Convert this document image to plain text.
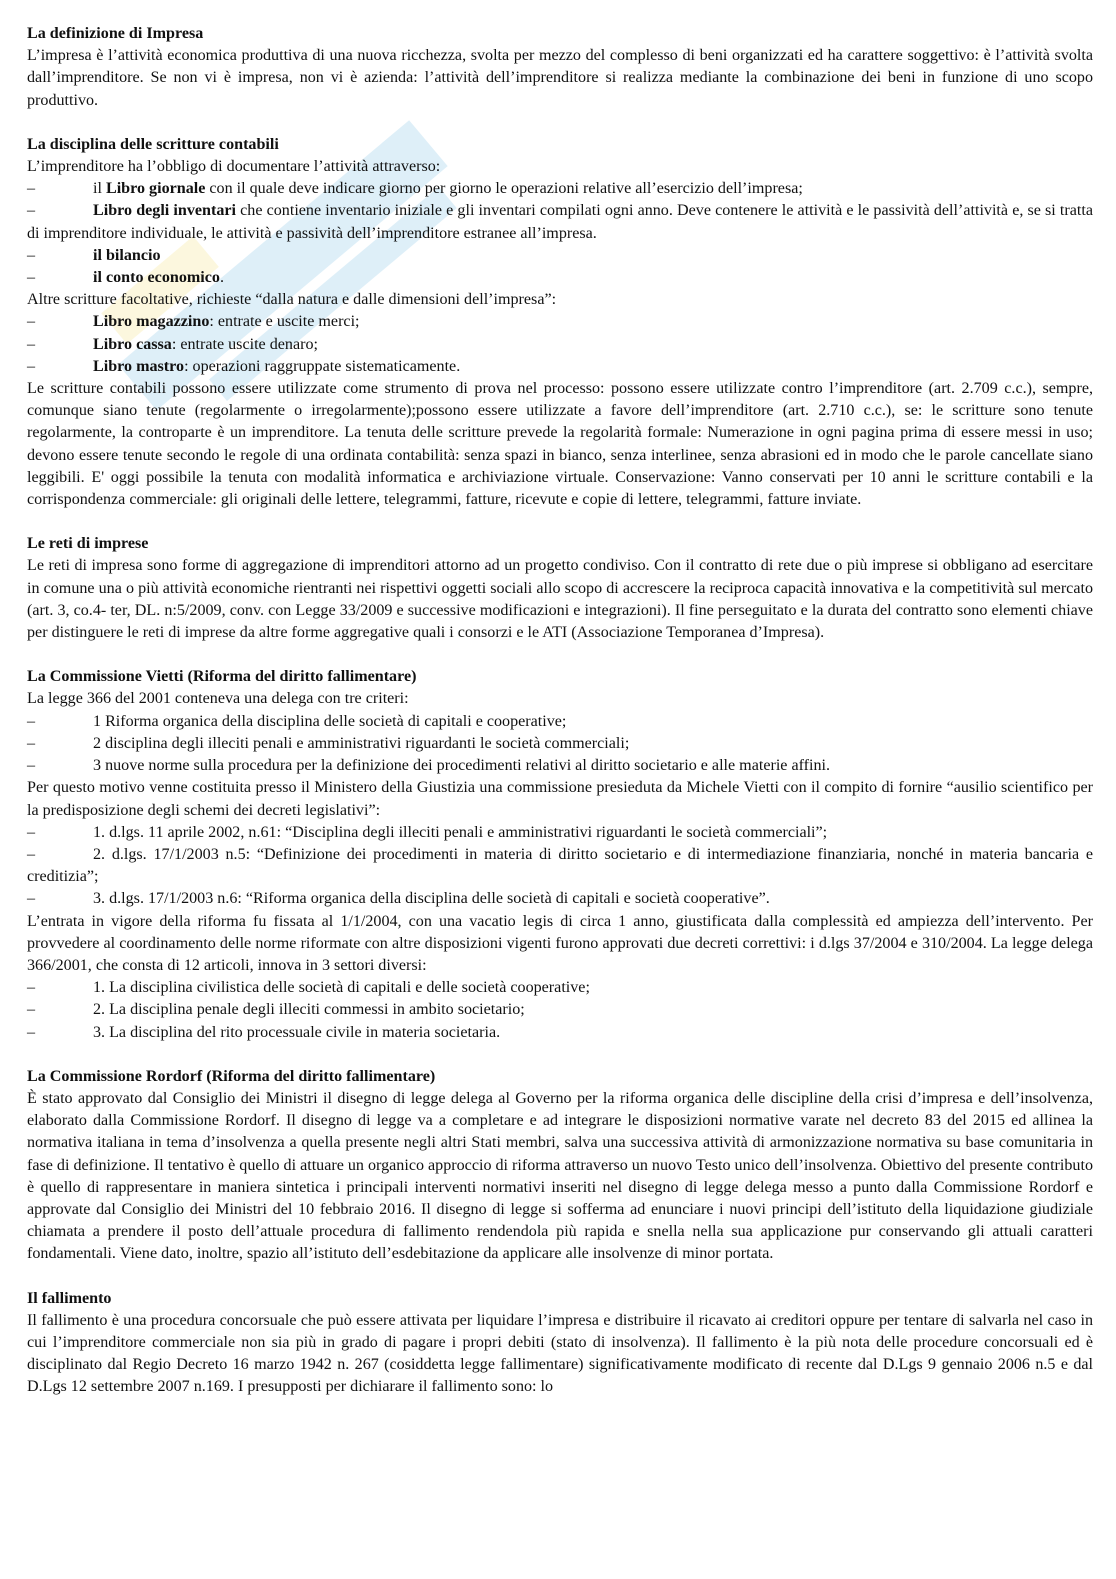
La definizione di Impresa

L’impresa è l’attività economica produttiva di una nuova ricchezza, svolta per mezzo del complesso di beni organizzati ed ha carattere soggettivo: è l’attività svolta dall’imprenditore. Se non vi è impresa, non vi è azienda: l’attività dell’imprenditore si realizza mediante la combinazione dei beni in funzione di uno scopo produttivo.

La disciplina delle scritture contabili

L’imprenditore ha l’obbligo di documentare l’attività attraverso:

–	il Libro giornale con il quale deve indicare giorno per giorno le operazioni relative all’esercizio dell’impresa;

–	Libro degli inventari che contiene inventario iniziale e gli inventari compilati ogni anno. Deve contenere le attività e le passività dell’attività e, se si tratta di imprenditore individuale, le attività e passività dell’imprenditore estranee all’impresa.

–	il bilancio

–	il conto economico.

Altre scritture facoltative, richieste “dalla natura e dalle dimensioni dell’impresa”:

–	Libro magazzino: entrate e uscite merci;

–	Libro cassa: entrate uscite denaro;

–	Libro mastro: operazioni raggruppate sistematicamente.

Le scritture contabili possono essere utilizzate come strumento di prova nel processo: possono essere utilizzate contro l’imprenditore (art. 2.709 c.c.), sempre, comunque siano tenute (regolarmente o irregolarmente);possono essere utilizzate a favore dell’imprenditore (art. 2.710 c.c.), se: le scritture sono tenute regolarmente, la controparte è un imprenditore. La tenuta delle scritture prevede la regolarità formale: Numerazione in ogni pagina prima di essere messi in uso; devono essere tenute secondo le regole di una ordinata contabilità: senza spazi in bianco, senza interlinee, senza abrasioni ed in modo che le parole cancellate siano leggibili. E' oggi possibile la tenuta con modalità informatica e archiviazione virtuale. Conservazione: Vanno conservati per 10 anni le scritture contabili e la corrispondenza commerciale: gli originali delle lettere, telegrammi, fatture, ricevute e copie di lettere, telegrammi, fatture inviate.

Le reti di imprese

Le reti di impresa sono forme di aggregazione di imprenditori attorno ad un progetto condiviso. Con il contratto di rete due o più imprese si obbligano ad esercitare in comune una o più attività economiche rientranti nei rispettivi oggetti sociali allo scopo di accrescere la reciproca capacità innovativa e la competitività sul mercato (art. 3, co.4- ter, DL. n:5/2009, conv. con Legge 33/2009 e successive modificazioni e integrazioni). Il fine perseguitato e la durata del contratto sono elementi chiave per distinguere le reti di imprese da altre forme aggregative quali i consorzi e le ATI (Associazione Temporanea d’Impresa).

La Commissione Vietti (Riforma del diritto fallimentare)

La legge 366 del 2001 conteneva una delega con tre criteri:

–	1 Riforma organica della disciplina delle società di capitali e cooperative;

–	2 disciplina degli illeciti penali e amministrativi riguardanti le società commerciali;

–	3 nuove norme sulla procedura per la definizione dei procedimenti relativi al diritto societario e alle materie affini.

Per questo motivo venne costituita presso il Ministero della Giustizia una commissione presieduta da Michele Vietti con il compito di fornire “ausilio scientifico per la predisposizione degli schemi dei decreti legislativi”:

–	1. d.lgs. 11 aprile 2002, n.61: “Disciplina degli illeciti penali e amministrativi riguardanti le società commerciali”;

–	2. d.lgs. 17/1/2003 n.5: “Definizione dei procedimenti in materia di diritto societario e di intermediazione finanziaria, nonché in materia bancaria e creditizia”;

–	3. d.lgs. 17/1/2003 n.6: “Riforma organica della disciplina delle società di capitali e società cooperative”.

L’entrata in vigore della riforma fu fissata al 1/1/2004, con una vacatio legis di circa 1 anno, giustificata dalla complessità ed ampiezza dell’intervento. Per provvedere al coordinamento delle norme riformate con altre disposizioni vigenti furono approvati due decreti correttivi: i d.lgs 37/2004 e 310/2004. La legge delega 366/2001, che consta di 12 articoli, innova in 3 settori diversi:

–	1. La disciplina civilistica delle società di capitali e delle società cooperative;

–	2. La disciplina penale degli illeciti commessi in ambito societario;

–	3. La disciplina del rito processuale civile in materia societaria.

La Commissione Rordorf (Riforma del diritto fallimentare)

È stato approvato dal Consiglio dei Ministri il disegno di legge delega al Governo per la riforma organica delle discipline della crisi d’impresa e dell’insolvenza, elaborato dalla Commissione Rordorf. Il disegno di legge va a completare e ad integrare le disposizioni normative varate nel decreto 83 del 2015 ed allinea la normativa italiana in tema d’insolvenza a quella presente negli altri Stati membri, salva una successiva attività di armonizzazione normativa su base comunitaria in fase di definizione. Il tentativo è quello di attuare un organico approccio di riforma attraverso un nuovo Testo unico dell’insolvenza. Obiettivo del presente contributo è quello di rappresentare in maniera sintetica i principali interventi normativi inseriti nel disegno di legge delega messo a punto dalla Commissione Rordorf e approvate dal Consiglio dei Ministri del 10 febbraio 2016. Il disegno di legge si sofferma ad enunciare i nuovi principi dell’istituto della liquidazione giudiziale chiamata a prendere il posto dell’attuale procedura di fallimento rendendola più rapida e snella nella sua applicazione pur conservando gli attuali caratteri fondamentali. Viene dato, inoltre, spazio all’istituto dell’esdebitazione da applicare alle insolvenze di minor portata.

Il fallimento

Il fallimento è una procedura concorsuale che può essere attivata per liquidare l’impresa e distribuire il ricavato ai creditori oppure per tentare di salvarla nel caso in cui l’imprenditore commerciale non sia più in grado di pagare i propri debiti (stato di insolvenza). Il fallimento è la più nota delle procedure concorsuali ed è disciplinato dal Regio Decreto 16 marzo 1942 n. 267 (cosiddetta legge fallimentare) significativamente modificato di recente dal D.Lgs 9 gennaio 2006 n.5 e dal D.Lgs 12 settembre 2007 n.169. I presupposti per dichiarare il fallimento sono: lo
